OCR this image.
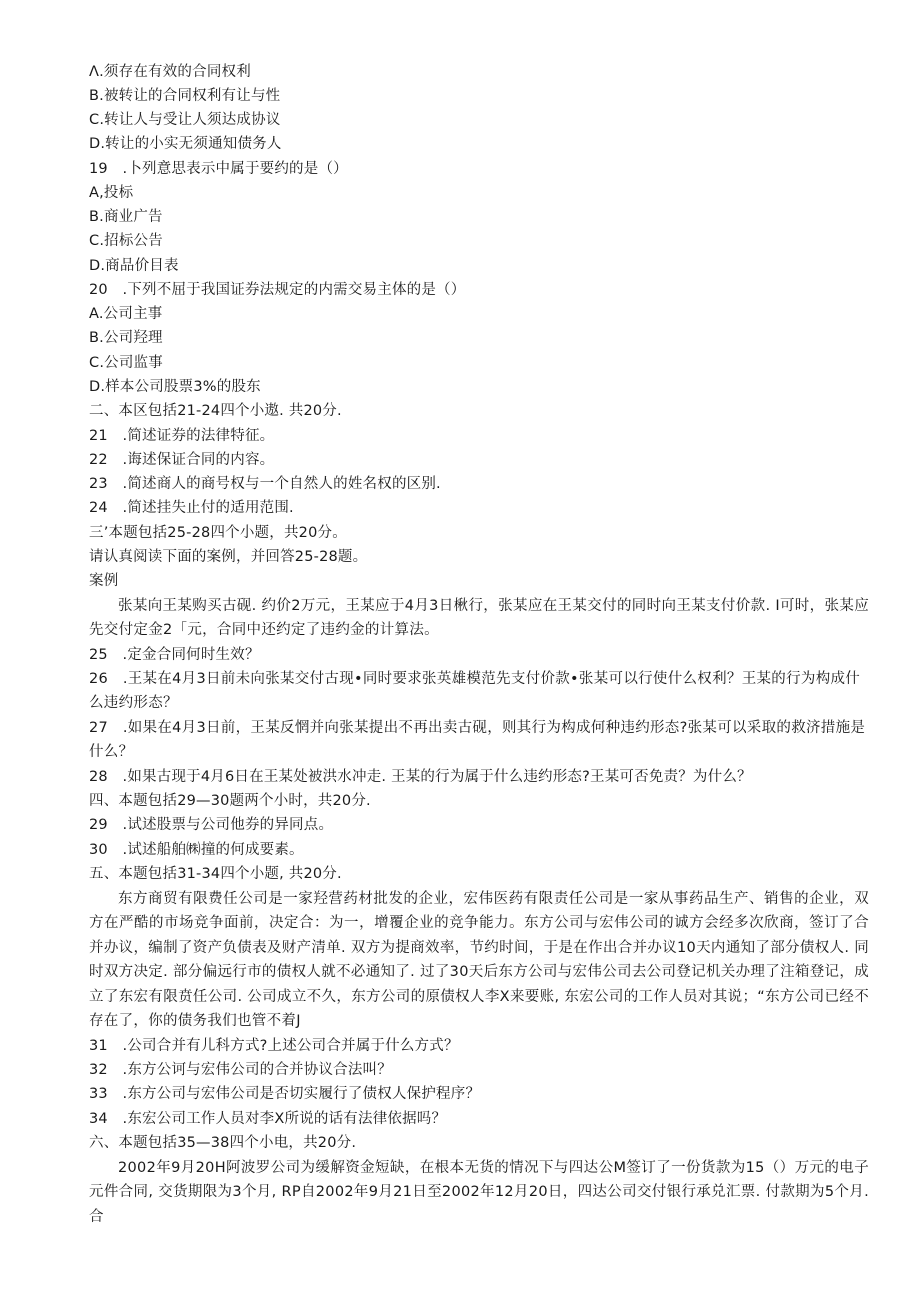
Λ.须存在有效的合同权利
B.被转让的合同权利有让与性
C.转让人与受让人须达成协议
D.转让的小实无须通知债务人
19　.卜列意思表示中属于要约的是（）
A,投标
B.商业广告
C.招标公告
D.商品价目表
20　.下列不屈于我国证券法规定的内需交易主体的是（）
A.公司主事
B.公司羟理
C.公司监事
D.样本公司股票3%的股东
二、本区包括21-24四个小遨. 共20分.
21　.简述证券的法律特征。
22　.诲述保证合同的内容。
23　.简述商人的商号权与一个自然人的姓名权的区别.
24　.简述挂失止付的适用范围.
三’本题包括25-28四个小题，共20分。
请认真阅读下面的案例，并回答25-28题。
案例
张某向王某购买古砚. 约价2万元，王某应于4月3日楸行，张某应在王某交付的同时向王某支付价款. I可时，张某应先交付定金2「元，合同中还约定了违约金的计算法。
25　.定金合同何时生效？
26　.王某在4月3日前未向张某交付古现•同时要求张英雄模范先支付价款•张某可以行使什么权利？王某的行为构成什么违约形态？
27　.如果在4月3日前，王某反惘并向张某提出不再出卖古砚，则其行为构成何种违约形态?张某可以采取的救济措施是什么？
28　.如果古现于4月6日在王某处被洪水冲走. 王某的行为属于什么违约形态?王某可否免责？为什么？
四、本题包括29—30题两个小时，共20分.
29　.试述股票与公司他券的异同点。
30　.试述船舶㈱撞的何成要素。
五、本题包括31-34四个小题, 共20分.
东方商贸有限费任公司是一家羟营药材批发的企业，宏伟医药有限责任公司是一家从事药品生产、销售的企业，双方在严酷的市场竞争面前，决定合：为一，增覆企业的竞争能力。东方公司与宏伟公司的诚方会经多次欣商，签订了合并办议，编制了资产负债表及财产清单. 双方为提商效率，节约时间，于是在作出合并办议10天内通知了部分债权人. 同时双方决定. 部分偏远行市的债权人就不必通知了. 过了30天后东方公司与宏伟公司去公司登记机关办理了注箱登记，成立了东宏有限贲任公司. 公司成立不久，东方公司的原债权人李X来要账, 东宏公司的工作人员对其说；“东方公司已经不存在了，你的债务我们也管不着J
31　.公司合并有儿科方式?上述公司合并属于什么方式？
32　.东方公诃与宏伟公司的合并协议合法叫？
33　.东方公司与宏伟公司是否切实履行了债权人保护程序？
34　.东宏公司工作人员对李X所说的话有法律依据吗？
六、本题包括35—38四个小电，共20分.
2002年9月20H阿波罗公司为缓解资金短缺，在根本无货的情况下与四达公M签订了一份货款为15（）万元的电子元件合同, 交货期限为3个月, RP自2002年9月21日至2002年12月20日，四达公司交付银行承兑汇票. 付款期为5个月. 合
